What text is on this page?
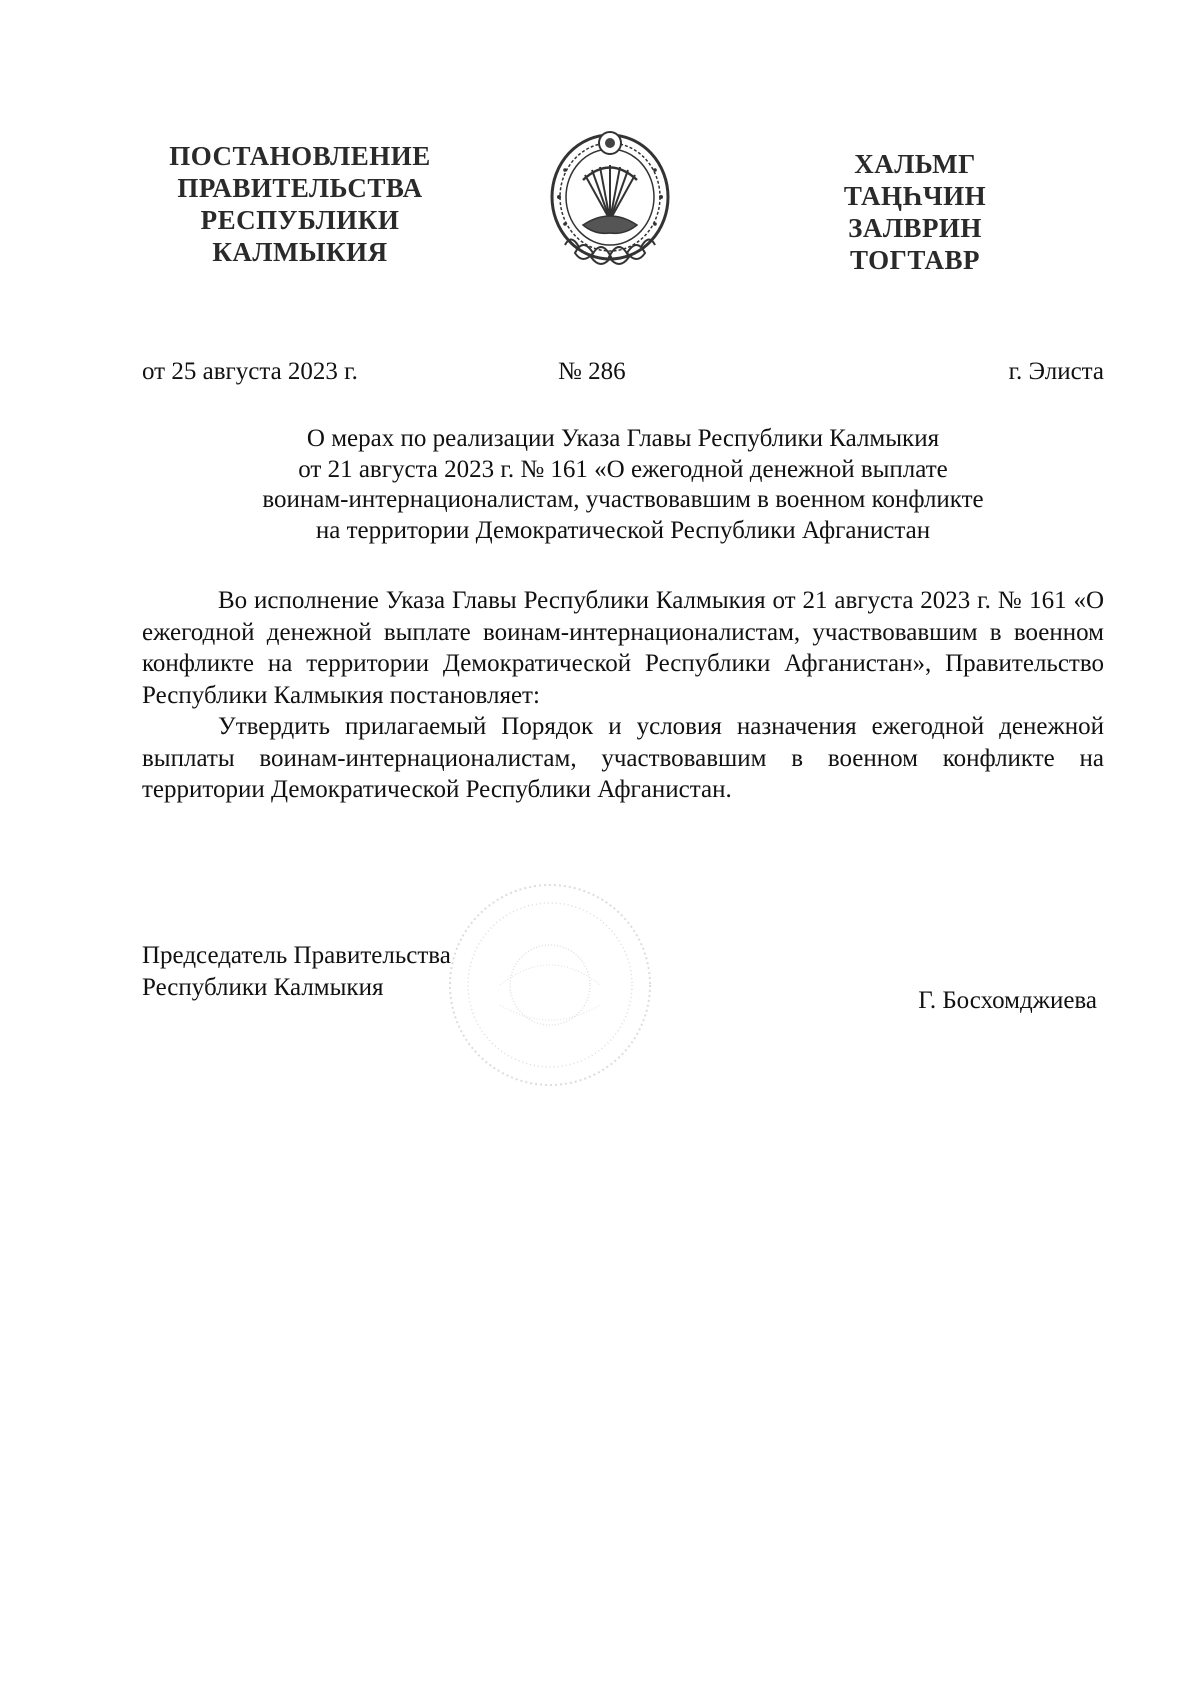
ПОСТАНОВЛЕНИЕ
ПРАВИТЕЛЬСТВА
РЕСПУБЛИКИ
КАЛМЫКИЯ
ХАЛЬМГ
ТАҢҺЧИН
ЗАЛВРИН
ТОГТАВР
от 25 августа 2023 г.	№ 286	г. Элиста
О мерах по реализации Указа Главы Республики Калмыкия
от 21 августа 2023 г. № 161 «О ежегодной денежной выплате
воинам-интернационалистам, участвовавшим в военном конфликте
на территории Демократической Республики Афганистан

Во исполнение Указа Главы Республики Калмыкия от 21 августа 2023 г. № 161 «О ежегодной денежной выплате воинам-интернационалистам, участвовавшим в военном конфликте на территории Демократической Республики Афганистан», Правительство Республики Калмыкия постановляет:

Утвердить прилагаемый Порядок и условия назначения ежегодной денежной выплаты воинам-интернационалистам, участвовавшим в военном конфликте на территории Демократической Республики Афганистан.

Председатель Правительства
Республики Калмыкия	Г. Босхомджиева
